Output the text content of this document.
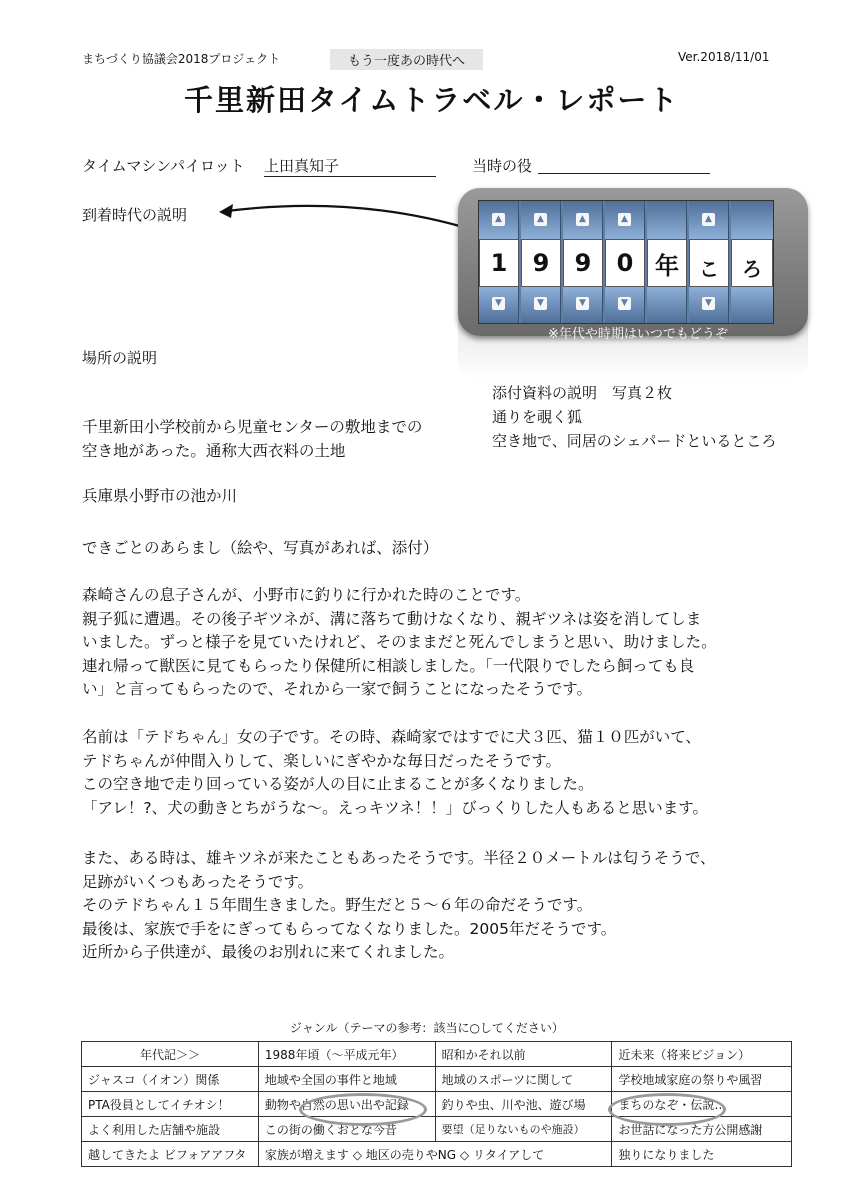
まちづくり協議会2018プロジェクト	もう一度あの時代へ	Ver.2018/11/01
千里新田タイムトラベル・レポート
タイムマシンパイロット 上田真知子	当時の役
到着時代の説明	▲	▲	▲	▲	▲
1	9	9	0 年	こ	ろ
▼	▼	▼	▼	▼
※年代や時期はいつでもどうぞ
場所の説明
添付資料の説明　写真２枚
通りを覗く狐
空き地で、同居のシェパードといるところ
千里新田小学校前から児童センターの敷地までの
空き地があった。通称大西衣料の土地
兵庫県小野市の池か川
できごとのあらまし（絵や、写真があれば、添付）
森崎さんの息子さんが、小野市に釣りに行かれた時のことです。
親子狐に遭遇。その後子ギツネが、溝に落ちて動けなくなり、親ギツネは姿を消してしま
いました。ずっと様子を見ていたけれど、そのままだと死んでしまうと思い、助けました。
連れ帰って獣医に見てもらったり保健所に相談しました。「一代限りでしたら飼っても良
い」と言ってもらったので、それから一家で飼うことになったそうです。
名前は「テドちゃん」女の子です。その時、森崎家ではすでに犬３匹、猫１０匹がいて、
テドちゃんが仲間入りして、楽しいにぎやかな毎日だったそうです。
この空き地で走り回っている姿が人の目に止まることが多くなりました。
「アレ！?、犬の動きとちがうな〜。えっキツネ！！」びっくりした人もあると思います。
また、ある時は、雄キツネが来たこともあったそうです。半径２０メートルは匂うそうで、
足跡がいくつもあったそうです。
そのテドちゃん１５年間生きました。野生だと５〜６年の命だそうです。
最後は、家族で手をにぎってもらってなくなりました。2005年だそうです。
近所から子供達が、最後のお別れに来てくれました。
ジャンル（テーマの参考：該当に○してください）
年代記＞＞	1988年頃（〜平成元年）	昭和かそれ以前	近未来（将来ビジョン）
ジャスコ（イオン）関係	地域や全国の事件と地域	地域のスポーツに関して	学校地域家庭の祭りや風習
PTA役員としてイチオシ！	動物や自然の思い出や記録	釣りや虫、川や池、遊び場	まちのなぞ・伝説…
よく利用した店舗や施設	この街の働くおとな今昔	要望（足りないものや施設）	お世話になった方公開感謝
越してきたよ ビフォアアフタ	家族が増えます ◇ 地区の売りやNG ◇ リタイアして		独りになりました
